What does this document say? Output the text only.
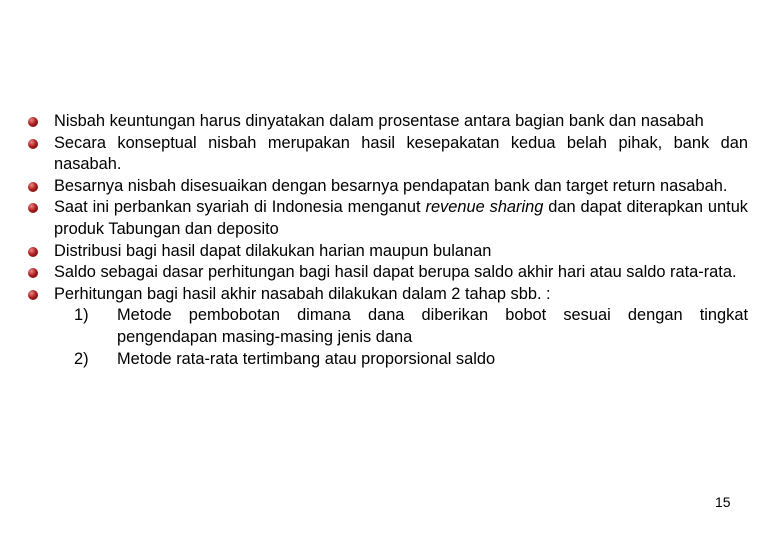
Nisbah keuntungan harus dinyatakan dalam prosentase antara bagian bank dan nasabah
Secara konseptual nisbah merupakan hasil kesepakatan kedua belah pihak, bank dan nasabah.
Besarnya nisbah disesuaikan dengan besarnya pendapatan bank dan target return nasabah.
Saat ini perbankan syariah di Indonesia menganut revenue sharing dan dapat diterapkan untuk produk Tabungan dan deposito
Distribusi bagi hasil dapat dilakukan harian maupun bulanan
Saldo sebagai dasar perhitungan bagi hasil dapat berupa saldo akhir hari atau saldo rata-rata.
Perhitungan bagi hasil akhir nasabah dilakukan dalam 2 tahap sbb. :
1) Metode pembobotan dimana dana diberikan bobot sesuai dengan tingkat pengendapan masing-masing jenis dana
2) Metode rata-rata tertimbang atau proporsional saldo
15
